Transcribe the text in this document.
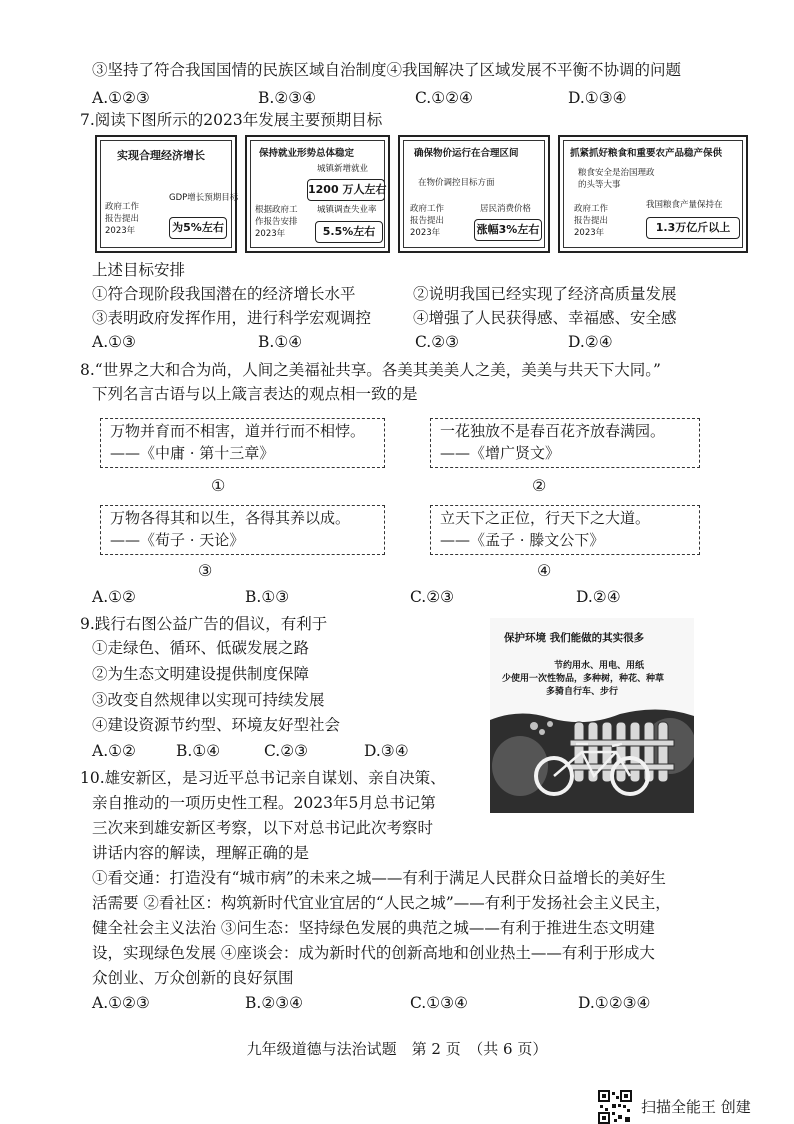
③坚持了符合我国国情的民族区域自治制度④我国解决了区域发展不平衡不协调的问题
A.①②③	B.②③④	C.①②④	D.①③④
7.阅读下图所示的2023年发展主要预期目标
实现合理经济增长
GDP增长预期目标
政府工作
报告提出
2023年	为5%左右
保持就业形势总体稳定
城镇新增就业
1200 万人左右
根据政府工
作报告安排
2023年
城镇调查失业率
5.5%左右
确保物价运行在合理区间
在物价调控目标方面
政府工作
报告提出
2023年
居民消费价格
涨幅3%左右
抓紧抓好粮食和重要农产品稳产保供
粮食安全是治国理政
的头等大事
政府工作
报告提出
2023年
我国粮食产量保持在
1.3万亿斤以上
上述目标安排
①符合现阶段我国潜在的经济增长水平	②说明我国已经实现了经济高质量发展
③表明政府发挥作用，进行科学宏观调控	④增强了人民获得感、幸福感、安全感
A.①③	B.①④	C.②③	D.②④
8.“世界之大和合为尚，人间之美福祉共享。各美其美美人之美，美美与共天下大同。”
下列名言古语与以上箴言表达的观点相一致的是
万物并育而不相害，道并行而不相悖。
——《中庸 · 第十三章》
①
一花独放不是春百花齐放春满园。
——《增广贤文》
②
万物各得其和以生，各得其养以成。
——《荀子 · 天论》
③
立天下之正位，行天下之大道。
——《孟子 · 滕文公下》
④
A.①②	B.①③	C.②③	D.②④
9.践行右图公益广告的倡议，有利于
①走绿色、循环、低碳发展之路
②为生态文明建设提供制度保障
③改变自然规律以实现可持续发展
④建设资源节约型、环境友好型社会
A.①②	B.①④	C.②③	D.③④
保护环境 我们能做的其实很多
节约用水、用电、用纸
少使用一次性物品，多种树，种花、种草
多骑自行车、步行
10.雄安新区，是习近平总书记亲自谋划、亲自决策、
亲自推动的一项历史性工程。2023年5月总书记第
三次来到雄安新区考察，以下对总书记此次考察时
讲话内容的解读，理解正确的是
①看交通：打造没有“城市病”的未来之城——有利于满足人民群众日益增长的美好生
活需要 ②看社区：构筑新时代宜业宜居的“人民之城”——有利于发扬社会主义民主，
健全社会主义法治 ③问生态：坚持绿色发展的典范之城——有利于推进生态文明建
设，实现绿色发展 ④座谈会：成为新时代的创新高地和创业热土——有利于形成大
众创业、万众创新的良好氛围
A.①②③	B.②③④	C.①③④	D.①②③④
九年级道德与法治试题　第 2 页　（共 6 页）
扫描全能王 创建
